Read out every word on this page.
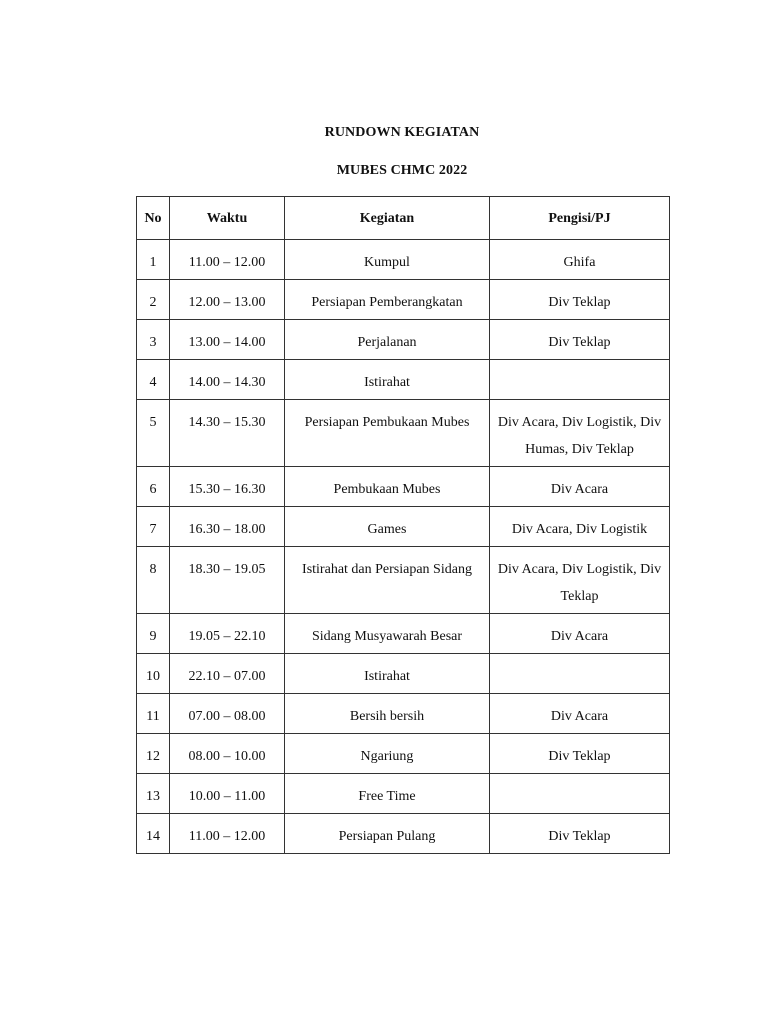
RUNDOWN KEGIATAN
MUBES CHMC 2022
No	Waktu	Kegiatan	Pengisi/PJ
1	11.00 – 12.00	Kumpul	Ghifa
2	12.00 – 13.00	Persiapan Pemberangkatan	Div Teklap
3	13.00 – 14.00	Perjalanan	Div Teklap
4	14.00 – 14.30	Istirahat	
5	14.30 – 15.30	Persiapan Pembukaan Mubes	Div Acara, Div Logistik, Div Humas, Div Teklap
6	15.30 – 16.30	Pembukaan Mubes	Div Acara
7	16.30 – 18.00	Games	Div Acara, Div Logistik
8	18.30 – 19.05	Istirahat dan Persiapan Sidang	Div Acara, Div Logistik, Div Teklap
9	19.05 – 22.10	Sidang Musyawarah Besar	Div Acara
10	22.10 – 07.00	Istirahat	
11	07.00 – 08.00	Bersih bersih	Div Acara
12	08.00 – 10.00	Ngariung	Div Teklap
13	10.00 – 11.00	Free Time	
14	11.00 – 12.00	Persiapan Pulang	Div Teklap
